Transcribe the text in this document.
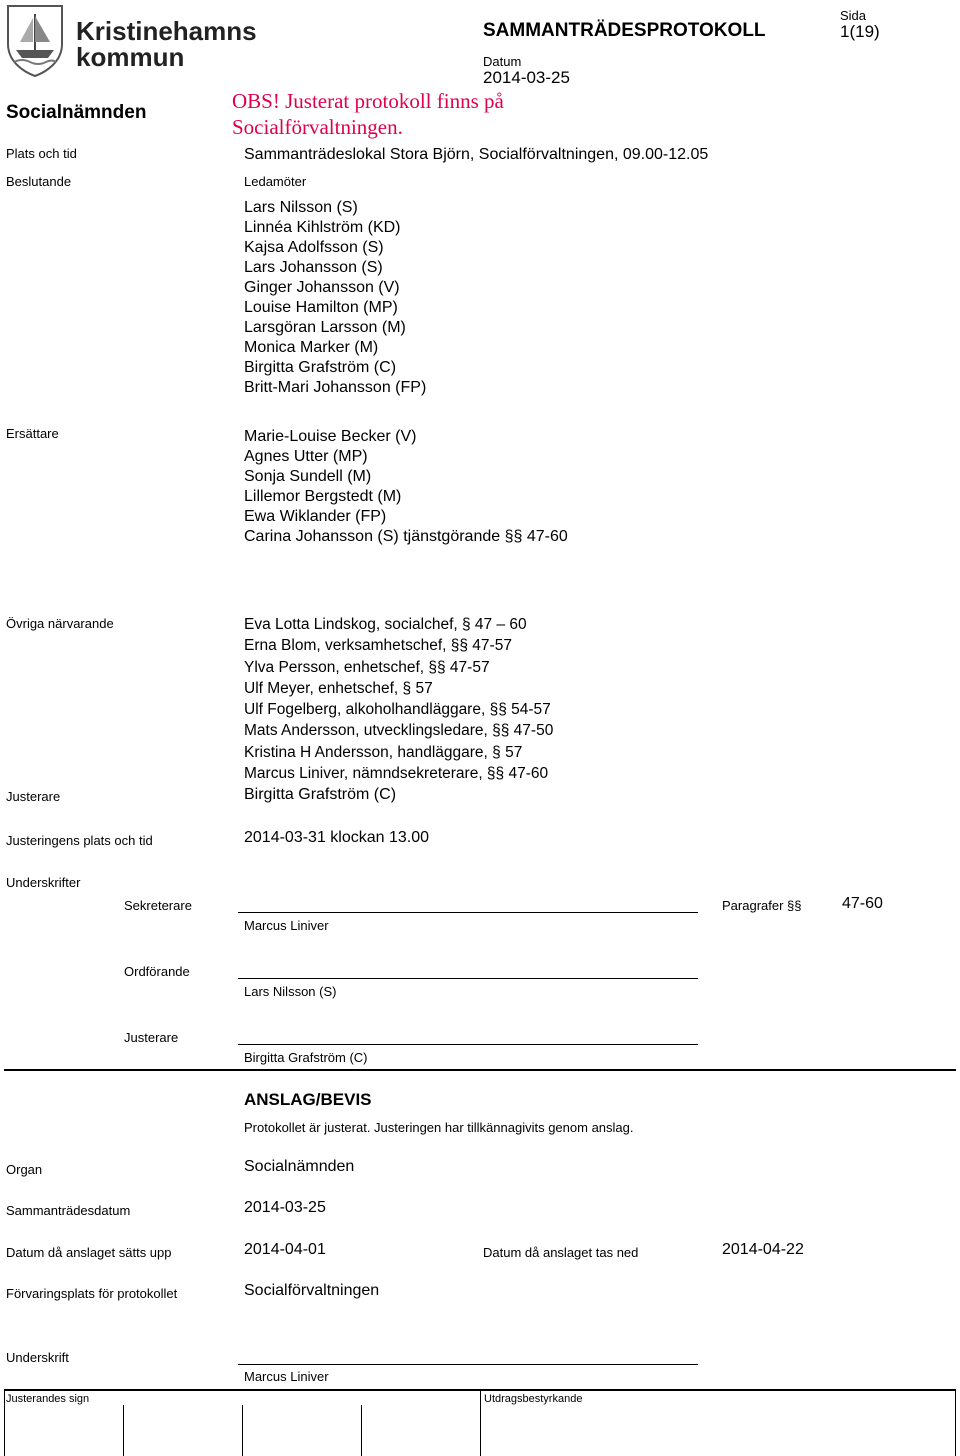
Kristinehamns
kommun
Socialnämnden
SAMMANTRÄDESPROTOKOLL
Datum
2014-03-25
Sida
1(19)
OBS! Justerat protokoll finns på
Socialförvaltningen.
Plats och tid	Sammanträdeslokal Stora Björn, Socialförvaltningen, 09.00-12.05
Beslutande	Ledamöter
Lars Nilsson (S)
Linnéa Kihlström (KD)
Kajsa Adolfsson (S)
Lars Johansson (S)
Ginger Johansson (V)
Louise Hamilton (MP)
Larsgöran Larsson (M)
Monica Marker (M)
Birgitta Grafström (C)
Britt-Mari Johansson (FP)
Ersättare	Marie-Louise Becker (V)
Agnes Utter (MP)
Sonja Sundell (M)
Lillemor Bergstedt (M)
Ewa Wiklander (FP)
Carina Johansson (S) tjänstgörande §§ 47-60
Övriga närvarande	Eva Lotta Lindskog, socialchef, § 47 – 60
Erna Blom, verksamhetschef, §§ 47-57
Ylva Persson, enhetschef, §§ 47-57
Ulf Meyer, enhetschef, § 57
Ulf Fogelberg, alkoholhandläggare, §§ 54-57
Mats Andersson, utvecklingsledare, §§ 47-50
Kristina H Andersson, handläggare, § 57
Marcus Liniver, nämndsekreterare, §§ 47-60
Justerare	Birgitta Grafström (C)
Justeringens plats och tid	2014-03-31 klockan 13.00
Underskrifter
Sekreterare
Marcus Liniver
Paragrafer §§	47-60
Ordförande
Lars Nilsson (S)
Justerare
Birgitta Grafström (C)
ANSLAG/BEVIS
Protokollet är justerat. Justeringen har tillkännagivits genom anslag.
Organ	Socialnämnden
Sammanträdesdatum	2014-03-25
Datum då anslaget sätts upp	2014-04-01	Datum då anslaget tas ned	2014-04-22
Förvaringsplats för protokollet	Socialförvaltningen
Underskrift
Marcus Liniver
Justerandes sign	Utdragsbestyrkande
